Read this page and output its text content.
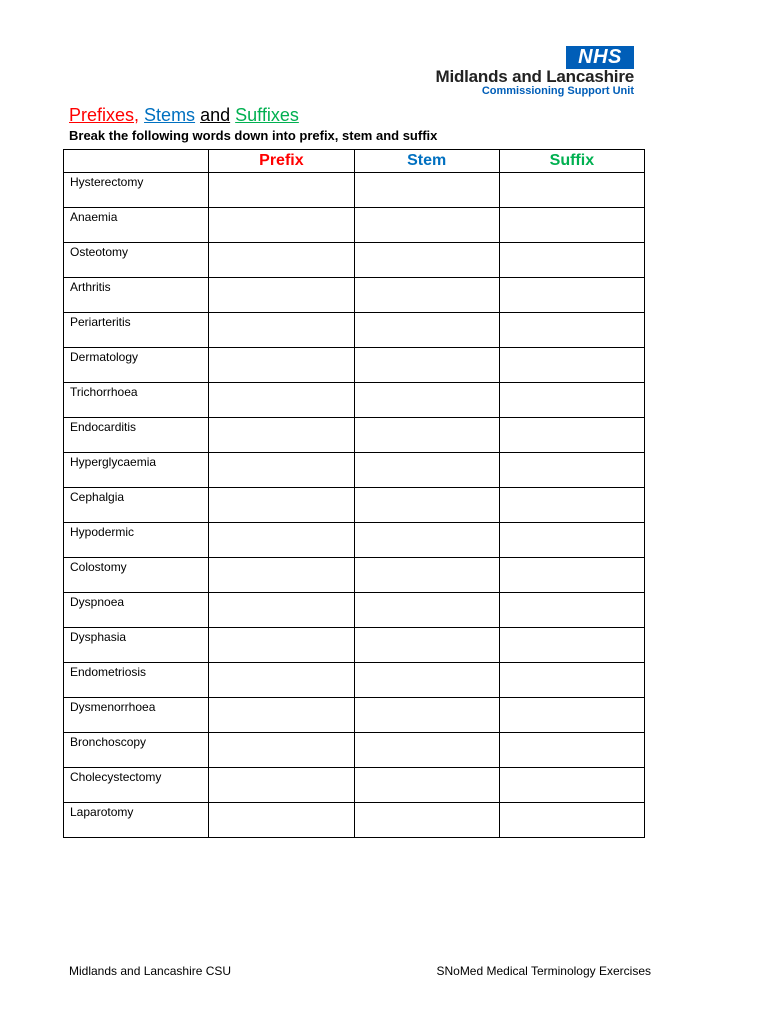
NHS
Midlands and Lancashire
Commissioning Support Unit
Prefixes, Stems and Suffixes
Break the following words down into prefix, stem and suffix
	Prefix	Stem	Suffix
Hysterectomy			
Anaemia			
Osteotomy			
Arthritis			
Periarteritis			
Dermatology			
Trichorrhoea			
Endocarditis			
Hyperglycaemia			
Cephalgia			
Hypodermic			
Colostomy			
Dyspnoea			
Dysphasia			
Endometriosis			
Dysmenorrhoea			
Bronchoscopy			
Cholecystectomy			
Laparotomy			
Midlands and Lancashire CSU	SNoMed Medical Terminology Exercises
